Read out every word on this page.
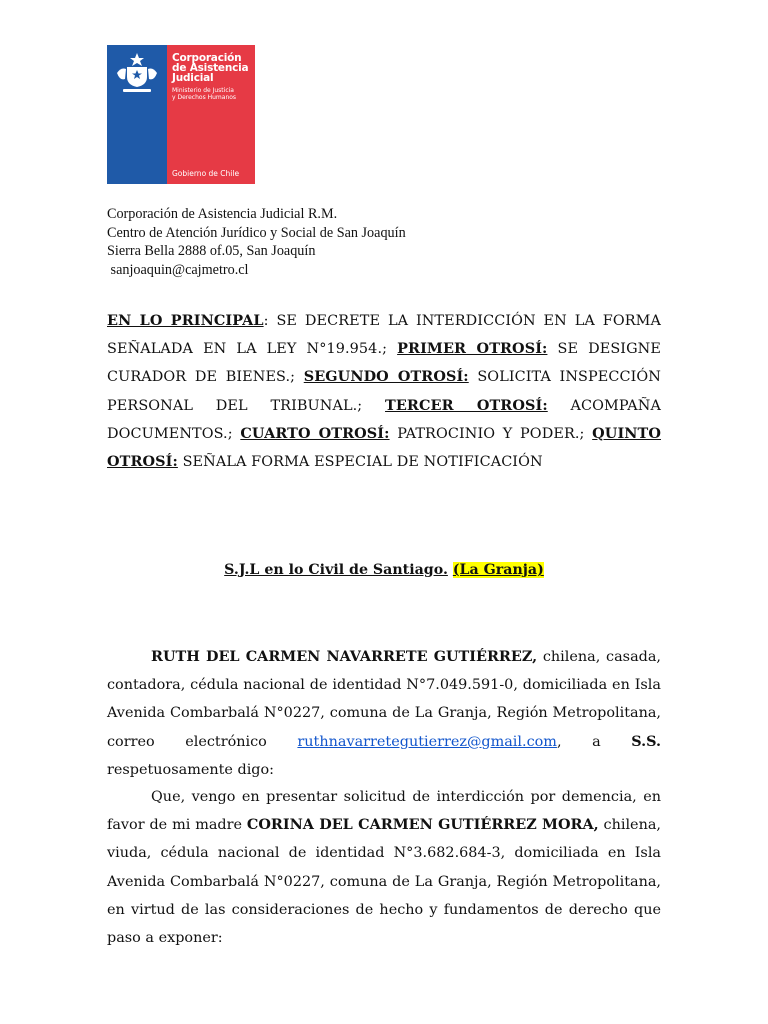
Corporación
de Asistencia
Judicial
Ministerio de Justicia
y Derechos Humanos
Gobierno de Chile
Corporación de Asistencia Judicial R.M.
Centro de Atención Jurídico y Social de San Joaquín
Sierra Bella 2888 of.05, San Joaquín
sanjoaquin@cajmetro.cl
EN LO PRINCIPAL: SE DECRETE LA INTERDICCIÓN EN LA FORMA SEÑALADA EN LA LEY N°19.954.; PRIMER OTROSÍ: SE DESIGNE CURADOR DE BIENES.; SEGUNDO OTROSÍ: SOLICITA INSPECCIÓN PERSONAL DEL TRIBUNAL.; TERCER OTROSÍ: ACOMPAÑA DOCUMENTOS.; CUARTO OTROSÍ: PATROCINIO Y PODER.; QUINTO OTROSÍ: SEÑALA FORMA ESPECIAL DE NOTIFICACIÓN
S.J.L en lo Civil de Santiago. (La Granja)
RUTH DEL CARMEN NAVARRETE GUTIÉRREZ, chilena, casada, contadora, cédula nacional de identidad N°7.049.591-0, domiciliada en Isla Avenida Combarbalá N°0227, comuna de La Granja, Región Metropolitana, correo electrónico ruthnavarretegutierrez@gmail.com, a S.S. respetuosamente digo:
Que, vengo en presentar solicitud de interdicción por demencia, en favor de mi madre CORINA DEL CARMEN GUTIÉRREZ MORA, chilena, viuda, cédula nacional de identidad N°3.682.684-3, domiciliada en Isla Avenida Combarbalá N°0227, comuna de La Granja, Región Metropolitana, en virtud de las consideraciones de hecho y fundamentos de derecho que paso a exponer:
